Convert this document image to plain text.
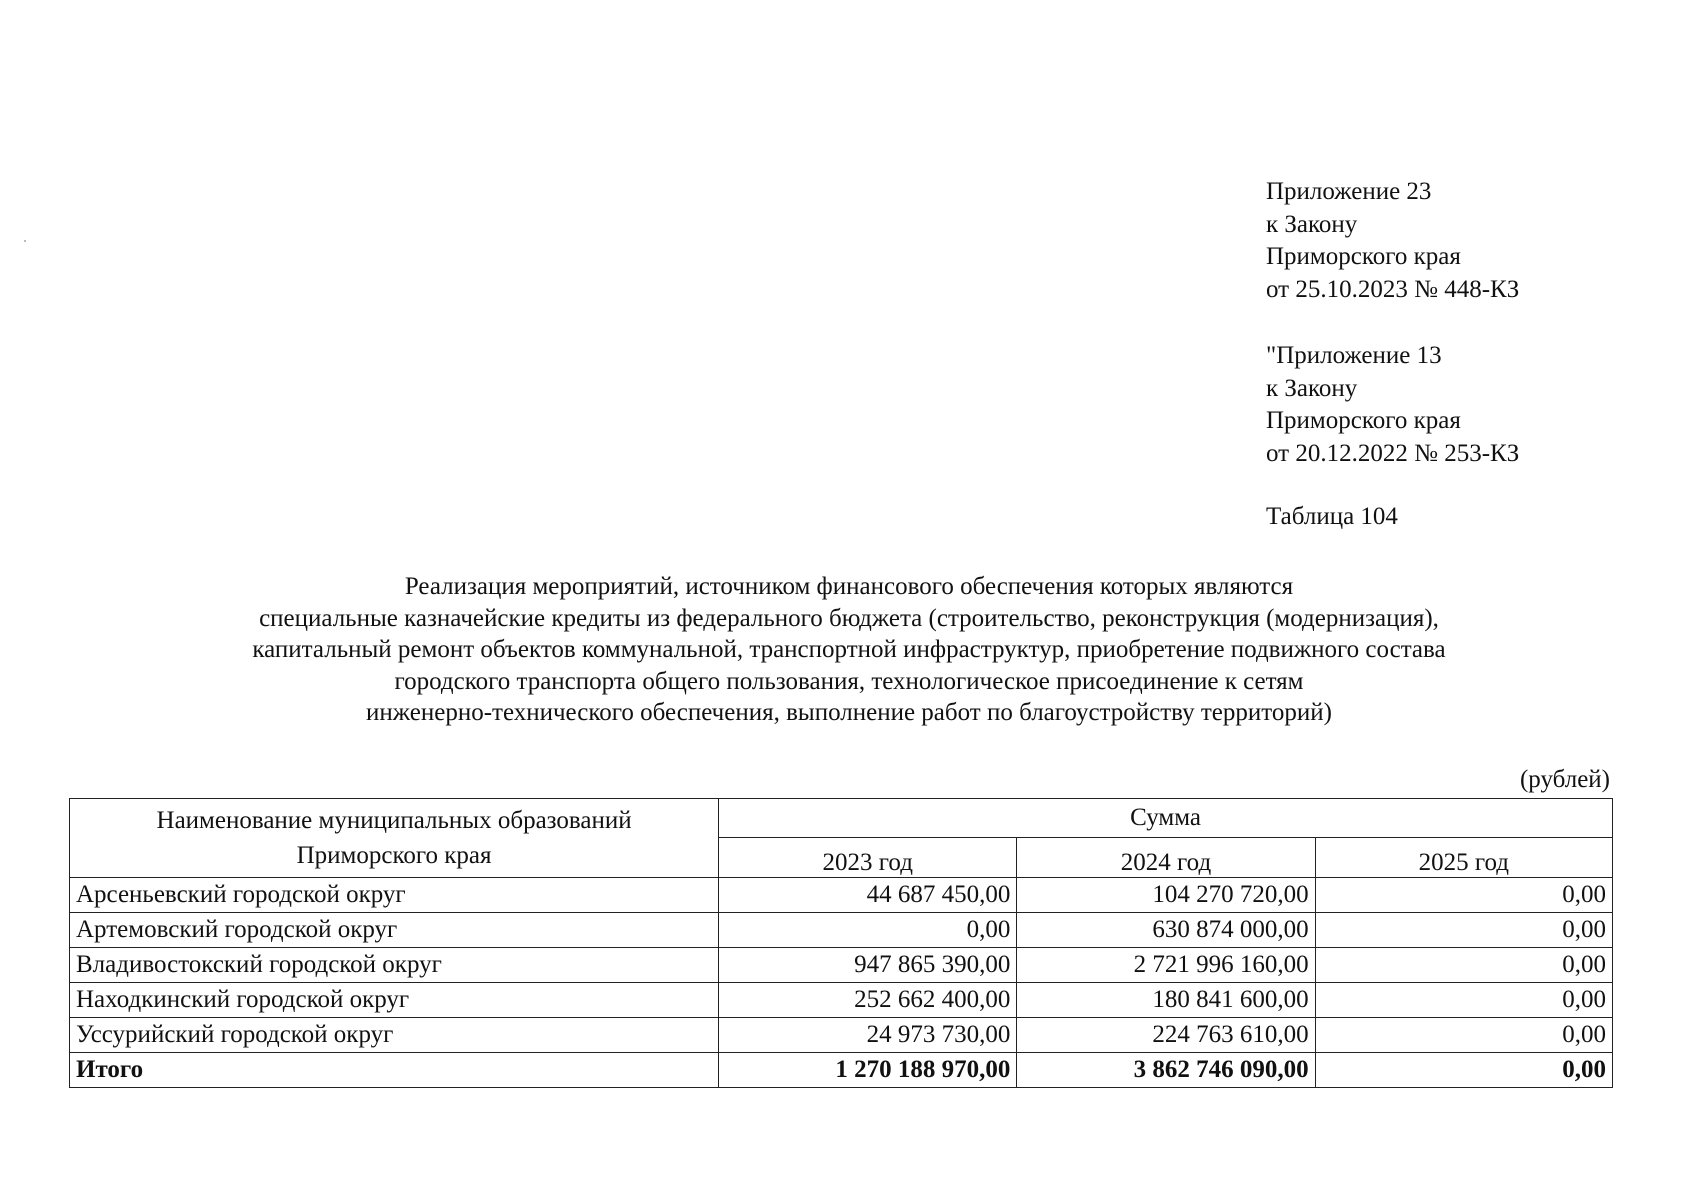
Приложение 23
к Закону
Приморского края
от 25.10.2023 № 448-КЗ
"Приложение 13
к Закону
Приморского края
от 20.12.2022 № 253-КЗ
Таблица 104
Реализация мероприятий, источником финансового обеспечения которых являются
специальные казначейские кредиты из федерального бюджета (строительство, реконструкция (модернизация),
капитальный ремонт объектов коммунальной, транспортной инфраструктур, приобретение подвижного состава
городского транспорта общего пользования, технологическое присоединение к сетям
инженерно-технического обеспечения, выполнение работ по благоустройству территорий)
(рублей)
Наименование муниципальных образований
Приморского края	Сумма		
	2023 год	2024 год	2025 год
Арсеньевский городской округ	44 687 450,00	104 270 720,00	0,00
Артемовский городской округ	0,00	630 874 000,00	0,00
Владивостокский городской округ	947 865 390,00	2 721 996 160,00	0,00
Находкинский городской округ	252 662 400,00	180 841 600,00	0,00
Уссурийский городской округ	24 973 730,00	224 763 610,00	0,00
Итого	1 270 188 970,00	3 862 746 090,00	0,00
